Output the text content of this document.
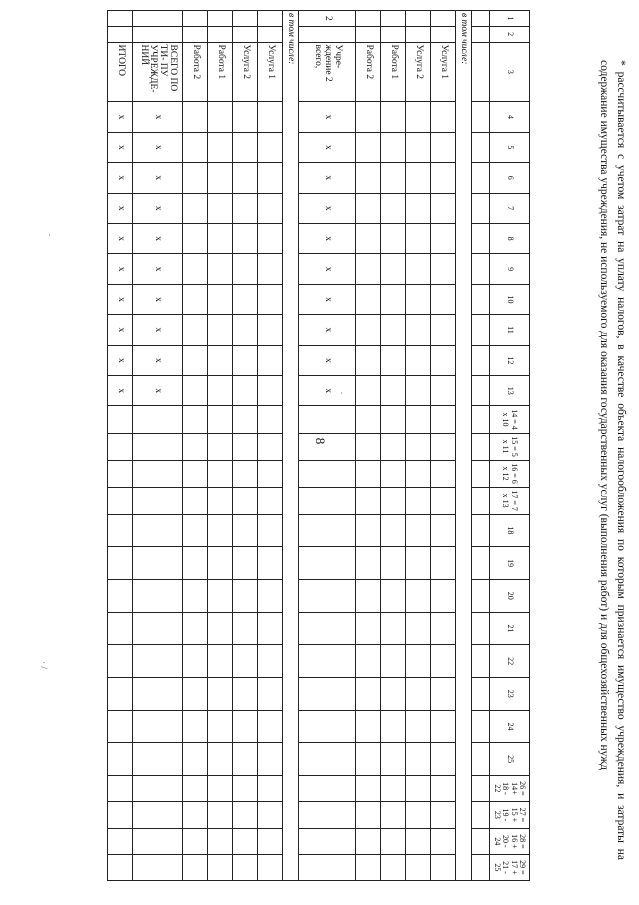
8
· /
·
·
1	2	3	4	5	6	7	8	9	10	11	12	13	14 = 4 x 10	15 = 5 x 11	16 = 6 x 12	17 = 7 x 13	18	19	20	21	22	23	24	25	26 = 14+ 18 - 22	27 = 15 + 19 - 23	28 = 16 + 20 - 24	29 = 17 + 21 - 25

в том числе:																												
		Услуга 1																										
		Услуга 2																										
		Работа 1																										
		Работа 2																										
2		Учре- ждение 2 всего,	x	x	x	x	x	x	x	x	x	x																
в том числе:																												
		Услуга 1																										
		Услуга 2																										
		Работа 1																										
		Работа 2																										
		ВСЕГО ПО ТИ- ПУ УЧРЕЖДЕ- НИЙ	x	x	x	x	x	x	x	x	x	x																
		ИТОГО	x	x	x	x	x	x	x	x	x	x																	* рассчитывается с учетом затрат на уплату налогов, в качестве объекта налогообложения по которым признается имущество учреждения, и затраты на содержание имущества учреждения, не используемого для оказания государственных услуг (выполнения работ) и для общехозяйственных нужд
